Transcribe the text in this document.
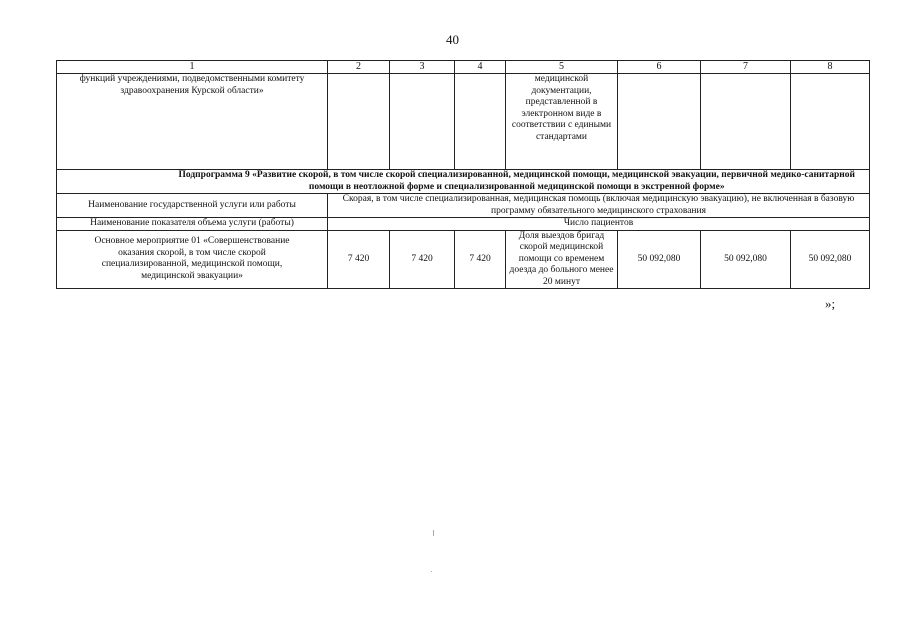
40
1	2	3	4	5	6	7	8
функций учреждениями, подведомственными комитету здравоохранения Курской области»				медицинской документации, представленной в электронном виде в соответствии с едиными стандартами			

	Подпрограмма 9 «Развитие скорой, в том числе скорой специализированной, медицинской помощи, медицинской эвакуации, первичной медико-санитарной помощи в неотложной форме и специализированной медицинской помощи в экстренной форме»						

Наименование государственной услуги или работы	Скорая, в том числе специализированная, медицинская помощь (включая медицинскую эвакуацию), не включенная в базовую программу обязательного медицинского страхования						
Наименование показателя объема услуги (работы)	Число пациентов						
Основное мероприятие 01 «Совершенствование оказания скорой, в том числе скорой специализированной, медицинской помощи, медицинской эвакуации»	7 420	7 420	7 420	Доля выездов бригад скорой медицинской помощи со временем доезда до больного менее 20 минут	50 092,080	50 092,080	50 092,080
»;
